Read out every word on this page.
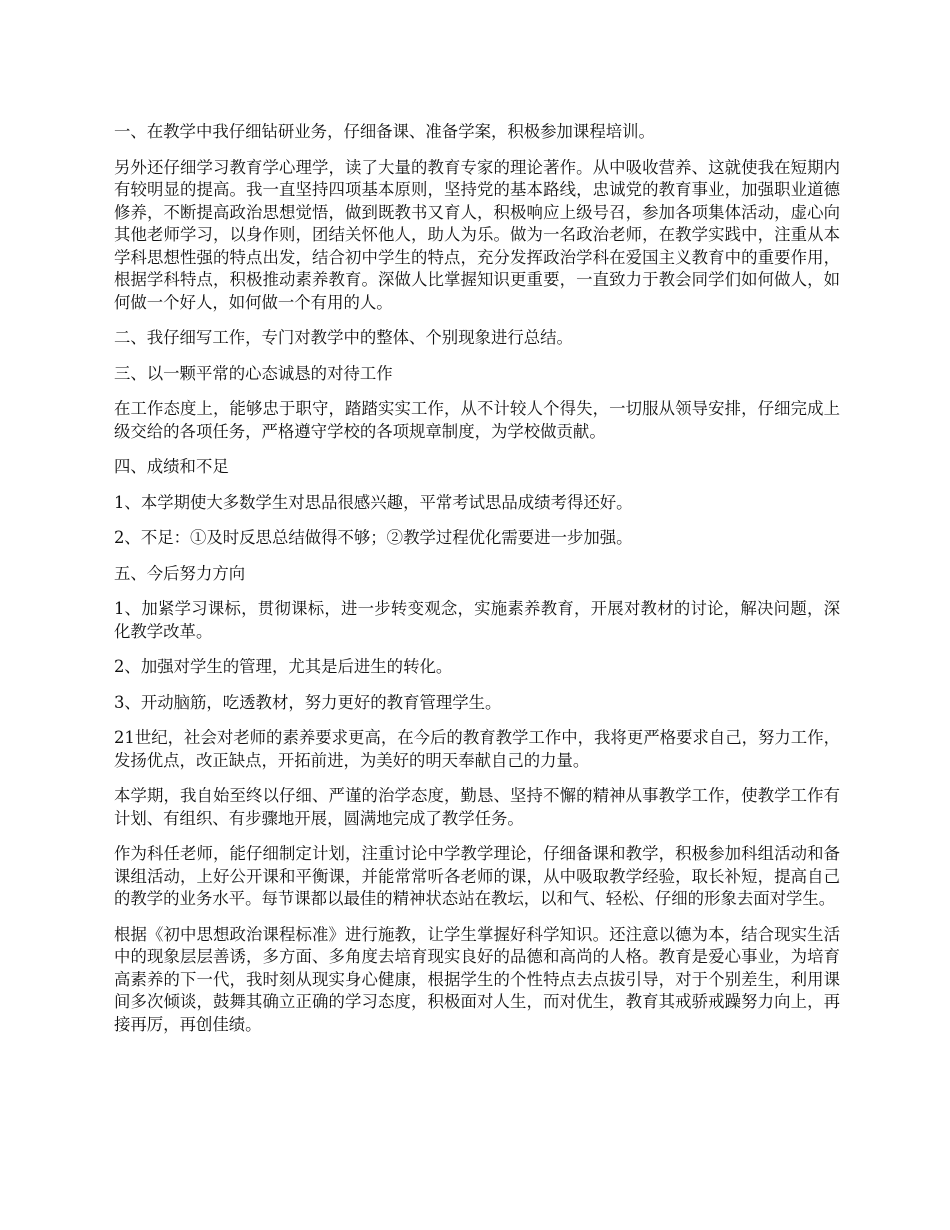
一、在教学中我仔细钻研业务，仔细备课、准备学案，积极参加课程培训。

另外还仔细学习教育学心理学，读了大量的教育专家的理论著作。从中吸收营养、这就使我在短期内有较明显的提高。我一直坚持四项基本原则，坚持党的基本路线，忠诚党的教育事业，加强职业道德修养，不断提高政治思想觉悟，做到既教书又育人，积极响应上级号召，参加各项集体活动，虚心向其他老师学习，以身作则，团结关怀他人，助人为乐。做为一名政治老师，在教学实践中，注重从本学科思想性强的特点出发，结合初中学生的特点，充分发挥政治学科在爱国主义教育中的重要作用，根据学科特点，积极推动素养教育。深做人比掌握知识更重要，一直致力于教会同学们如何做人，如何做一个好人，如何做一个有用的人。

二、我仔细写工作，专门对教学中的整体、个别现象进行总结。

三、以一颗平常的心态诚恳的对待工作

在工作态度上，能够忠于职守，踏踏实实工作，从不计较人个得失，一切服从领导安排，仔细完成上级交给的各项任务，严格遵守学校的各项规章制度，为学校做贡献。

四、成绩和不足

1、本学期使大多数学生对思品很感兴趣，平常考试思品成绩考得还好。

2、不足：①及时反思总结做得不够；②教学过程优化需要进一步加强。

五、今后努力方向

1、加紧学习课标，贯彻课标，进一步转变观念，实施素养教育，开展对教材的讨论，解决问题，深化教学改革。

2、加强对学生的管理，尤其是后进生的转化。

3、开动脑筋，吃透教材，努力更好的教育管理学生。

21世纪，社会对老师的素养要求更高，在今后的教育教学工作中，我将更严格要求自己，努力工作，发扬优点，改正缺点，开拓前进，为美好的明天奉献自己的力量。

本学期，我自始至终以仔细、严谨的治学态度，勤恳、坚持不懈的精神从事教学工作，使教学工作有计划、有组织、有步骤地开展，圆满地完成了教学任务。

作为科任老师，能仔细制定计划，注重讨论中学教学理论，仔细备课和教学，积极参加科组活动和备课组活动，上好公开课和平衡课，并能常常听各老师的课，从中吸取教学经验，取长补短，提高自己的教学的业务水平。每节课都以最佳的精神状态站在教坛，以和气、轻松、仔细的形象去面对学生。

根据《初中思想政治课程标准》进行施教，让学生掌握好科学知识。还注意以德为本，结合现实生活中的现象层层善诱，多方面、多角度去培育现实良好的品德和高尚的人格。教育是爱心事业，为培育高素养的下一代，我时刻从现实身心健康，根据学生的个性特点去点拔引导，对于个别差生，利用课间多次倾谈，鼓舞其确立正确的学习态度，积极面对人生，而对优生，教育其戒骄戒躁努力向上，再接再厉，再创佳绩。
